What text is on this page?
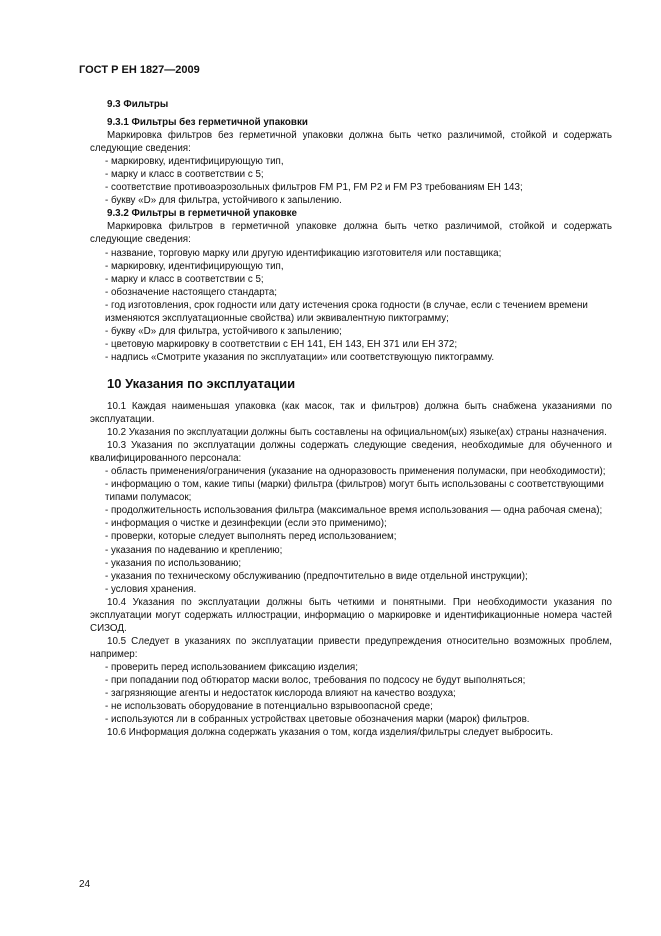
ГОСТ Р ЕН 1827—2009
9.3 Фильтры
9.3.1 Фильтры без герметичной упаковки
Маркировка фильтров без герметичной упаковки должна быть четко различимой, стойкой и содержать следующие сведения:
- маркировку, идентифицирующую тип,
- марку и класс в соответствии с 5;
- соответствие противоаэрозольных фильтров FM P1, FM P2 и FM P3 требованиям ЕН 143;
- букву «D» для фильтра, устойчивого к запылению.
9.3.2 Фильтры в герметичной упаковке
Маркировка фильтров в герметичной упаковке должна быть четко различимой, стойкой и содержать следующие сведения:
- название, торговую марку или другую идентификацию изготовителя или поставщика;
- маркировку, идентифицирующую тип,
- марку и класс в соответствии с 5;
- обозначение настоящего стандарта;
- год изготовления, срок годности или дату истечения срока годности (в случае, если с течением времени изменяются эксплуатационные свойства) или эквивалентную пиктограмму;
- букву «D» для фильтра, устойчивого к запылению;
- цветовую маркировку в соответствии с ЕН 141, ЕН 143, ЕН 371 или ЕН 372;
- надпись «Смотрите указания по эксплуатации» или соответствующую пиктограмму.
10 Указания по эксплуатации
10.1 Каждая наименьшая упаковка (как масок, так и фильтров) должна быть снабжена указаниями по эксплуатации.
10.2 Указания по эксплуатации должны быть составлены на официальном(ых) языке(ах) страны назначения.
10.3 Указания по эксплуатации должны содержать следующие сведения, необходимые для обученного и квалифицированного персонала:
- область применения/ограничения (указание на одноразовость применения полумаски, при необходимости);
- информацию о том, какие типы (марки) фильтра (фильтров) могут быть использованы с соответствующими типами полумасок;
- продолжительность использования фильтра (максимальное время использования — одна рабочая смена);
- информация о чистке и дезинфекции (если это применимо);
- проверки, которые следует выполнять перед использованием;
- указания по надеванию и креплению;
- указания по использованию;
- указания по техническому обслуживанию (предпочтительно в виде отдельной инструкции);
- условия хранения.
10.4 Указания по эксплуатации должны быть четкими и понятными. При необходимости указания по эксплуатации могут содержать иллюстрации, информацию о маркировке и идентификационные номера частей СИЗОД.
10.5 Следует в указаниях по эксплуатации привести предупреждения относительно возможных проблем, например:
- проверить перед использованием фиксацию изделия;
- при попадании под обтюратор маски волос, требования по подсосу не будут выполняться;
- загрязняющие агенты и недостаток кислорода влияют на качество воздуха;
- не использовать оборудование в потенциально взрывоопасной среде;
- используются ли в собранных устройствах цветовые обозначения марки (марок) фильтров.
10.6 Информация должна содержать указания о том, когда изделия/фильтры следует выбросить.
24
